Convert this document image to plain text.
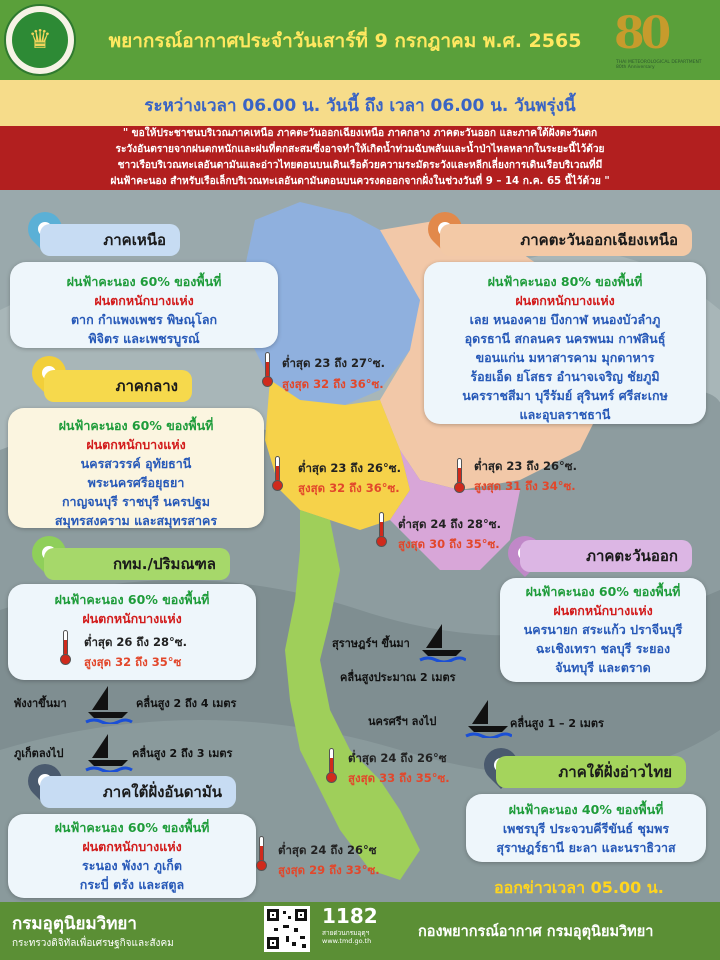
♛	พยากรณ์อากาศประจำวันเสาร์ที่ 9 กรกฎาคม พ.ศ. 2565 80
THAI METEOROLOGICAL DEPARTMENT 80th Anniversary
ระหว่างเวลา 06.00 น. วันนี้ ถึง เวลา 06.00 น. วันพรุ่งนี้

" ขอให้ประชาชนบริเวณภาคเหนือ ภาคตะวันออกเฉียงเหนือ ภาคกลาง ภาคตะวันออก และภาคใต้ฝั่งตะวันตก

ระวังอันตรายจากฝนตกหนักและฝนที่ตกสะสมซึ่งอาจทำให้เกิดน้ำท่วมฉับพลันและน้ำป่าไหลหลากในระยะนี้ไว้ด้วย

ชาวเรือบริเวณทะเลอันดามันและอ่าวไทยตอนบนเดินเรือด้วยความระมัดระวังและหลีกเลี่ยงการเดินเรือบริเวณที่มี

ฝนฟ้าคะนอง สำหรับเรือเล็กบริเวณทะเลอันดามันตอนบนควรงดออกจากฝั่งในช่วงวันที่ 9 – 14 ก.ค. 65 นี้ไว้ด้วย "

ภาคเหนือ
ฝนฟ้าคะนอง 60% ของพื้นที่
ฝนตกหนักบางแห่ง
ตาก กำแพงเพชร พิษณุโลก
พิจิตร และเพชรบูรณ์
ต่ำสุด 23 ถึง 27°ซ.
สูงสุด 32 ถึง 36°ซ.
ภาคตะวันออกเฉียงเหนือ
ฝนฟ้าคะนอง 80% ของพื้นที่
ฝนตกหนักบางแห่ง
เลย หนองคาย บึงกาฬ หนองบัวลำภู
อุดรธานี สกลนคร นครพนม กาฬสินธุ์
ขอนแก่น มหาสารคาม มุกดาหาร
ร้อยเอ็ด ยโสธร อำนาจเจริญ ชัยภูมิ
นครราชสีมา บุรีรัมย์ สุรินทร์ ศรีสะเกษ
และอุบลราชธานี
ต่ำสุด 23 ถึง 26°ซ.
สูงสุด 31 ถึง 34°ซ.
ภาคกลาง
ฝนฟ้าคะนอง 60% ของพื้นที่
ฝนตกหนักบางแห่ง
นครสวรรค์ อุทัยธานี
พระนครศรีอยุธยา
กาญจนบุรี ราชบุรี นครปฐม
สมุทรสงคราม และสมุทรสาคร
ต่ำสุด 23 ถึง 26°ซ.
สูงสุด 32 ถึง 36°ซ.
ต่ำสุด 24 ถึง 28°ซ.
สูงสุด 30 ถึง 35°ซ.
กทม./ปริมณฑล
ฝนฟ้าคะนอง 60% ของพื้นที่
ฝนตกหนักบางแห่ง
ต่ำสุด 26 ถึง 28°ซ.
สูงสุด 32 ถึง 35°ซ
ภาคตะวันออก
ฝนฟ้าคะนอง 60% ของพื้นที่
ฝนตกหนักบางแห่ง
นครนายก สระแก้ว ปราจีนบุรี
ฉะเชิงเทรา ชลบุรี ระยอง
จันทบุรี และตราด
สุราษฎร์ฯ ขึ้นมา
คลื่นสูงประมาณ 2 เมตร
นครศรีฯ ลงไป	คลื่นสูง 1 – 2 เมตร
พังงาขึ้นมา	คลื่นสูง 2 ถึง 4 เมตร
ภูเก็ตลงไป	คลื่นสูง 2 ถึง 3 เมตร	ต่ำสุด 24 ถึง 26°ซ
สูงสุด 33 ถึง 35°ซ.	ภาคใต้ฝั่งอ่าวไทย
ฝนฟ้าคะนอง 40% ของพื้นที่
เพชรบุรี ประจวบคีรีขันธ์ ชุมพร
สุราษฎร์ธานี ยะลา และนราธิวาส
ภาคใต้ฝั่งอันดามัน
ฝนฟ้าคะนอง 60% ของพื้นที่
ฝนตกหนักบางแห่ง
ระนอง พังงา ภูเก็ต
กระบี่ ตรัง และสตูล
ต่ำสุด 24 ถึง 26°ซ
สูงสุด 29 ถึง 33°ซ.
ออกข่าวเวลา 05.00 น.
กรมอุตุนิยมวิทยา
กระทรวงดิจิทัลเพื่อเศรษฐกิจและสังคม
1182
สายด่วนกรมอุตุฯ www.tmd.go.th
กองพยากรณ์อากาศ กรมอุตุนิยมวิทยา
